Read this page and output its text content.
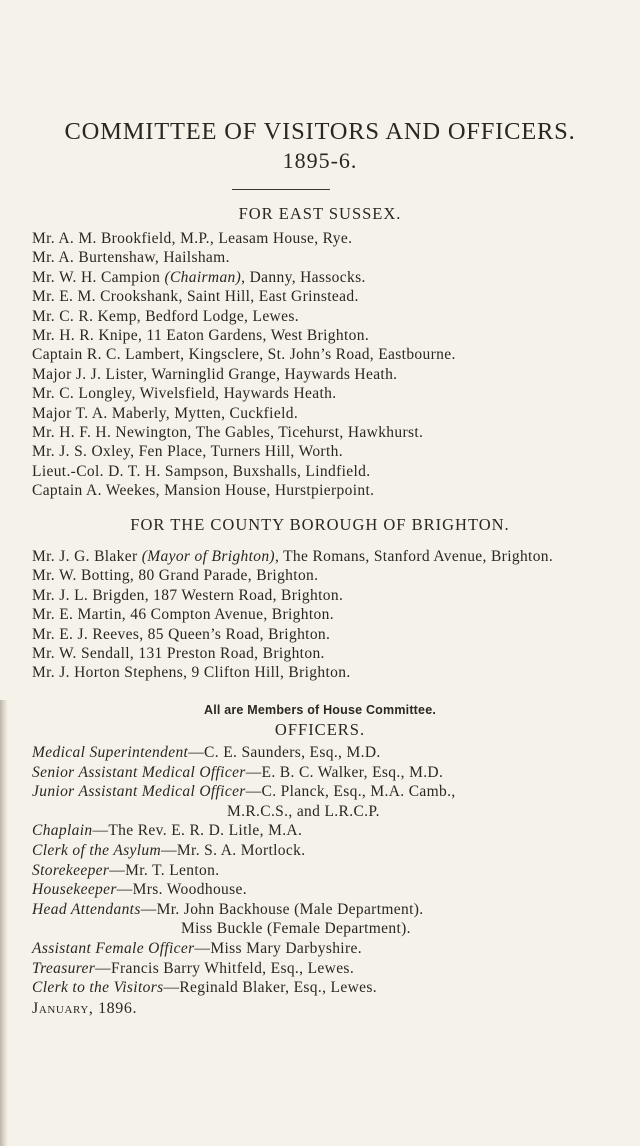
COMMITTEE OF VISITORS AND OFFICERS.
1895-6.
FOR EAST SUSSEX.
Mr. A. M. Brookfield, M.P., Leasam House, Rye.
Mr. A. Burtenshaw, Hailsham.
Mr. W. H. Campion (Chairman), Danny, Hassocks.
Mr. E. M. Crookshank, Saint Hill, East Grinstead.
Mr. C. R. Kemp, Bedford Lodge, Lewes.
Mr. H. R. Knipe, 11 Eaton Gardens, West Brighton.
Captain R. C. Lambert, Kingsclere, St. John’s Road, Eastbourne.
Major J. J. Lister, Warninglid Grange, Haywards Heath.
Mr. C. Longley, Wivelsfield, Haywards Heath.
Major T. A. Maberly, Mytten, Cuckfield.
Mr. H. F. H. Newington, The Gables, Ticehurst, Hawkhurst.
Mr. J. S. Oxley, Fen Place, Turners Hill, Worth.
Lieut.-Col. D. T. H. Sampson, Buxshalls, Lindfield.
Captain A. Weekes, Mansion House, Hurstpierpoint.
FOR THE COUNTY BOROUGH OF BRIGHTON.
Mr. J. G. Blaker (Mayor of Brighton), The Romans, Stanford Avenue, Brighton.
Mr. W. Botting, 80 Grand Parade, Brighton.
Mr. J. L. Brigden, 187 Western Road, Brighton.
Mr. E. Martin, 46 Compton Avenue, Brighton.
Mr. E. J. Reeves, 85 Queen’s Road, Brighton.
Mr. W. Sendall, 131 Preston Road, Brighton.
Mr. J. Horton Stephens, 9 Clifton Hill, Brighton.
All are Members of House Committee.
OFFICERS.
Medical Superintendent—C. E. Saunders, Esq., M.D.
Senior Assistant Medical Officer—E. B. C. Walker, Esq., M.D.
Junior Assistant Medical Officer—C. Planck, Esq., M.A. Camb.,
M.R.C.S., and L.R.C.P.
Chaplain—The Rev. E. R. D. Litle, M.A.
Clerk of the Asylum—Mr. S. A. Mortlock.
Storekeeper—Mr. T. Lenton.
Housekeeper—Mrs. Woodhouse.
Head Attendants—Mr. John Backhouse (Male Department).
Miss Buckle (Female Department).
Assistant Female Officer—Miss Mary Darbyshire.
Treasurer—Francis Barry Whitfeld, Esq., Lewes.
Clerk to the Visitors—Reginald Blaker, Esq., Lewes.
January, 1896.
